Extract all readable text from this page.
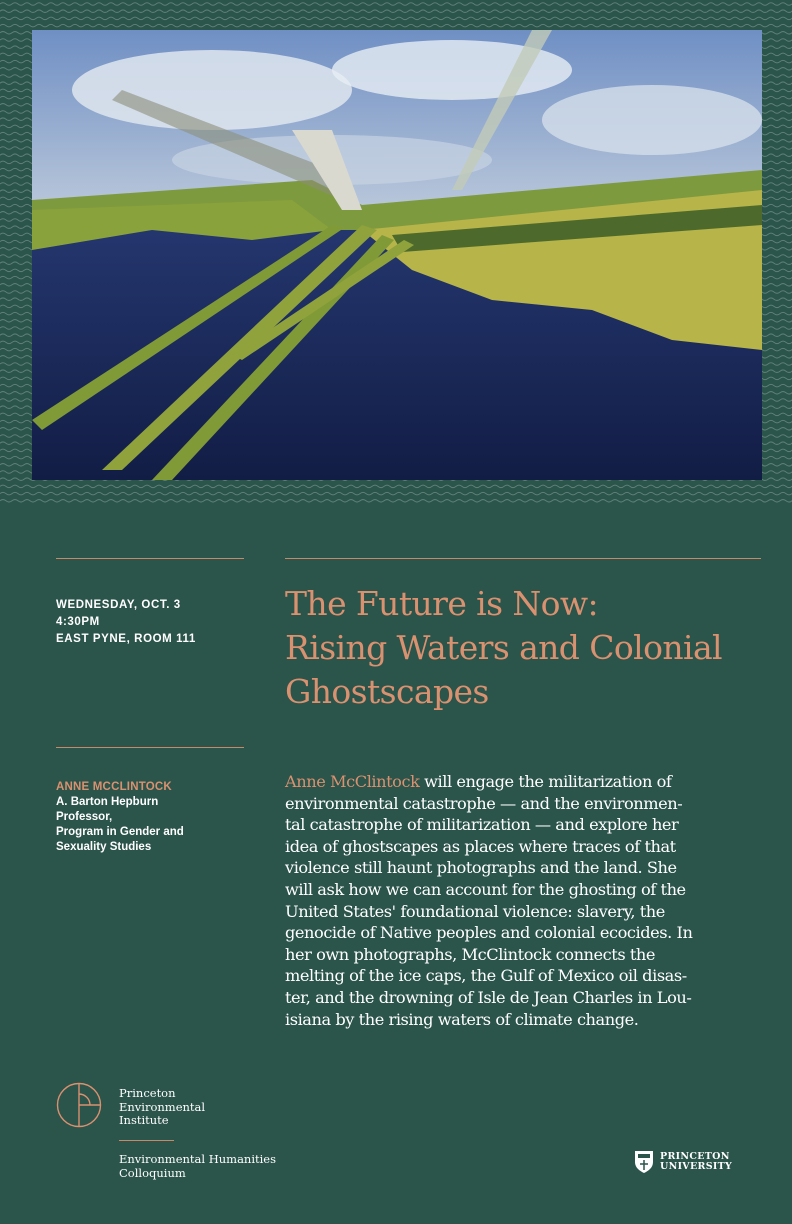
WEDNESDAY, OCT. 3
4:30PM
EAST PYNE, ROOM 111
The Future is Now:
Rising Waters and Colonial
Ghostscapes
ANNE MCCLINTOCK
A. Barton Hepburn
Professor,
Program in Gender and
Sexuality Studies
Anne McClintock will engage the militarization of
environmental catastrophe — and the environmen-
tal catastrophe of militarization — and explore her
idea of ghostscapes as places where traces of that
violence still haunt photographs and the land. She
will ask how we can account for the ghosting of the
United States' foundational violence: slavery, the
genocide of Native peoples and colonial ecocides. In
her own photographs, McClintock connects the
melting of the ice caps, the Gulf of Mexico oil disas-
ter, and the drowning of Isle de Jean Charles in Lou-
isiana by the rising waters of climate change.
Princeton
Environmental
Institute
Environmental Humanities
Colloquium
PRINCETON
UNIVERSITY
